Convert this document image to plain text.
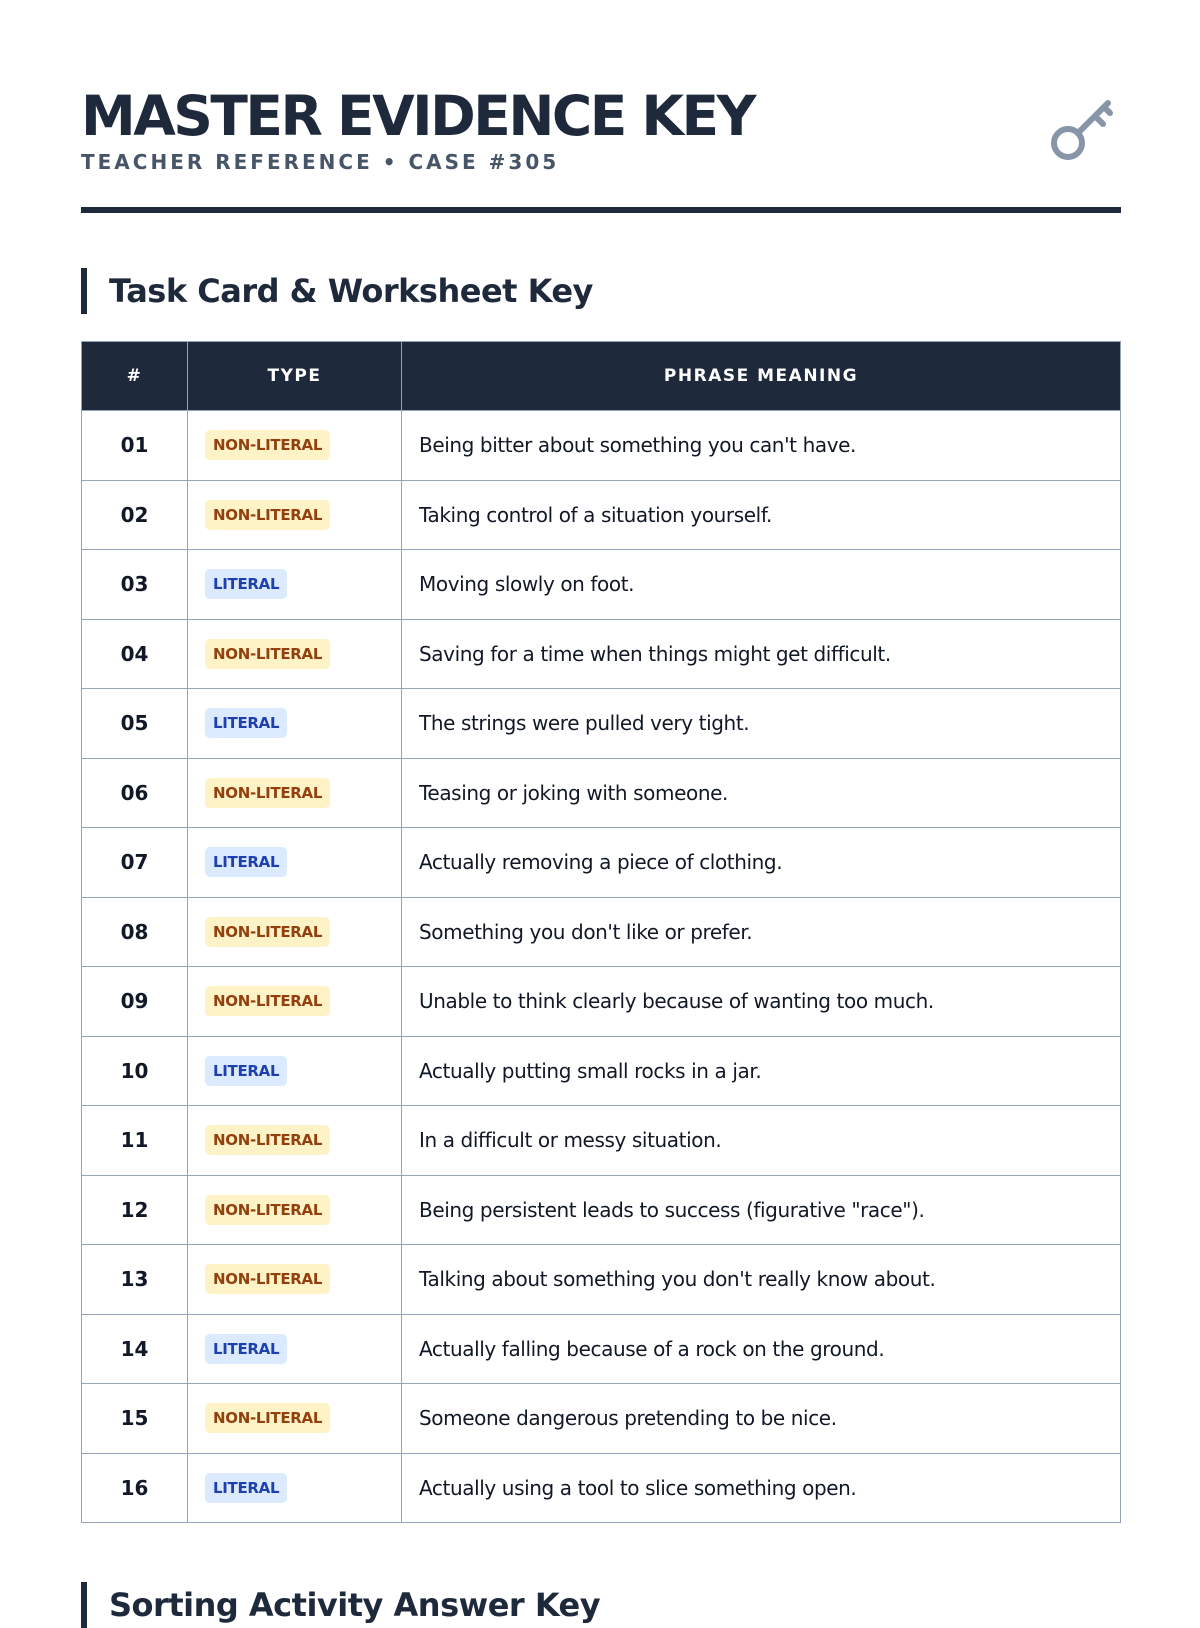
MASTER EVIDENCE KEY
TEACHER REFERENCE • CASE #305
Task Card & Worksheet Key
#	TYPE	PHRASE MEANING
01	NON-LITERAL	Being bitter about something you can't have.
02	NON-LITERAL	Taking control of a situation yourself.
03	LITERAL	Moving slowly on foot.
04	NON-LITERAL	Saving for a time when things might get difficult.
05	LITERAL	The strings were pulled very tight.
06	NON-LITERAL	Teasing or joking with someone.
07	LITERAL	Actually removing a piece of clothing.
08	NON-LITERAL	Something you don't like or prefer.
09	NON-LITERAL	Unable to think clearly because of wanting too much.
10	LITERAL	Actually putting small rocks in a jar.
11	NON-LITERAL	In a difficult or messy situation.
12	NON-LITERAL	Being persistent leads to success (figurative "race").
13	NON-LITERAL	Talking about something you don't really know about.
14	LITERAL	Actually falling because of a rock on the ground.
15	NON-LITERAL	Someone dangerous pretending to be nice.
16	LITERAL	Actually using a tool to slice something open.
Sorting Activity Answer Key
